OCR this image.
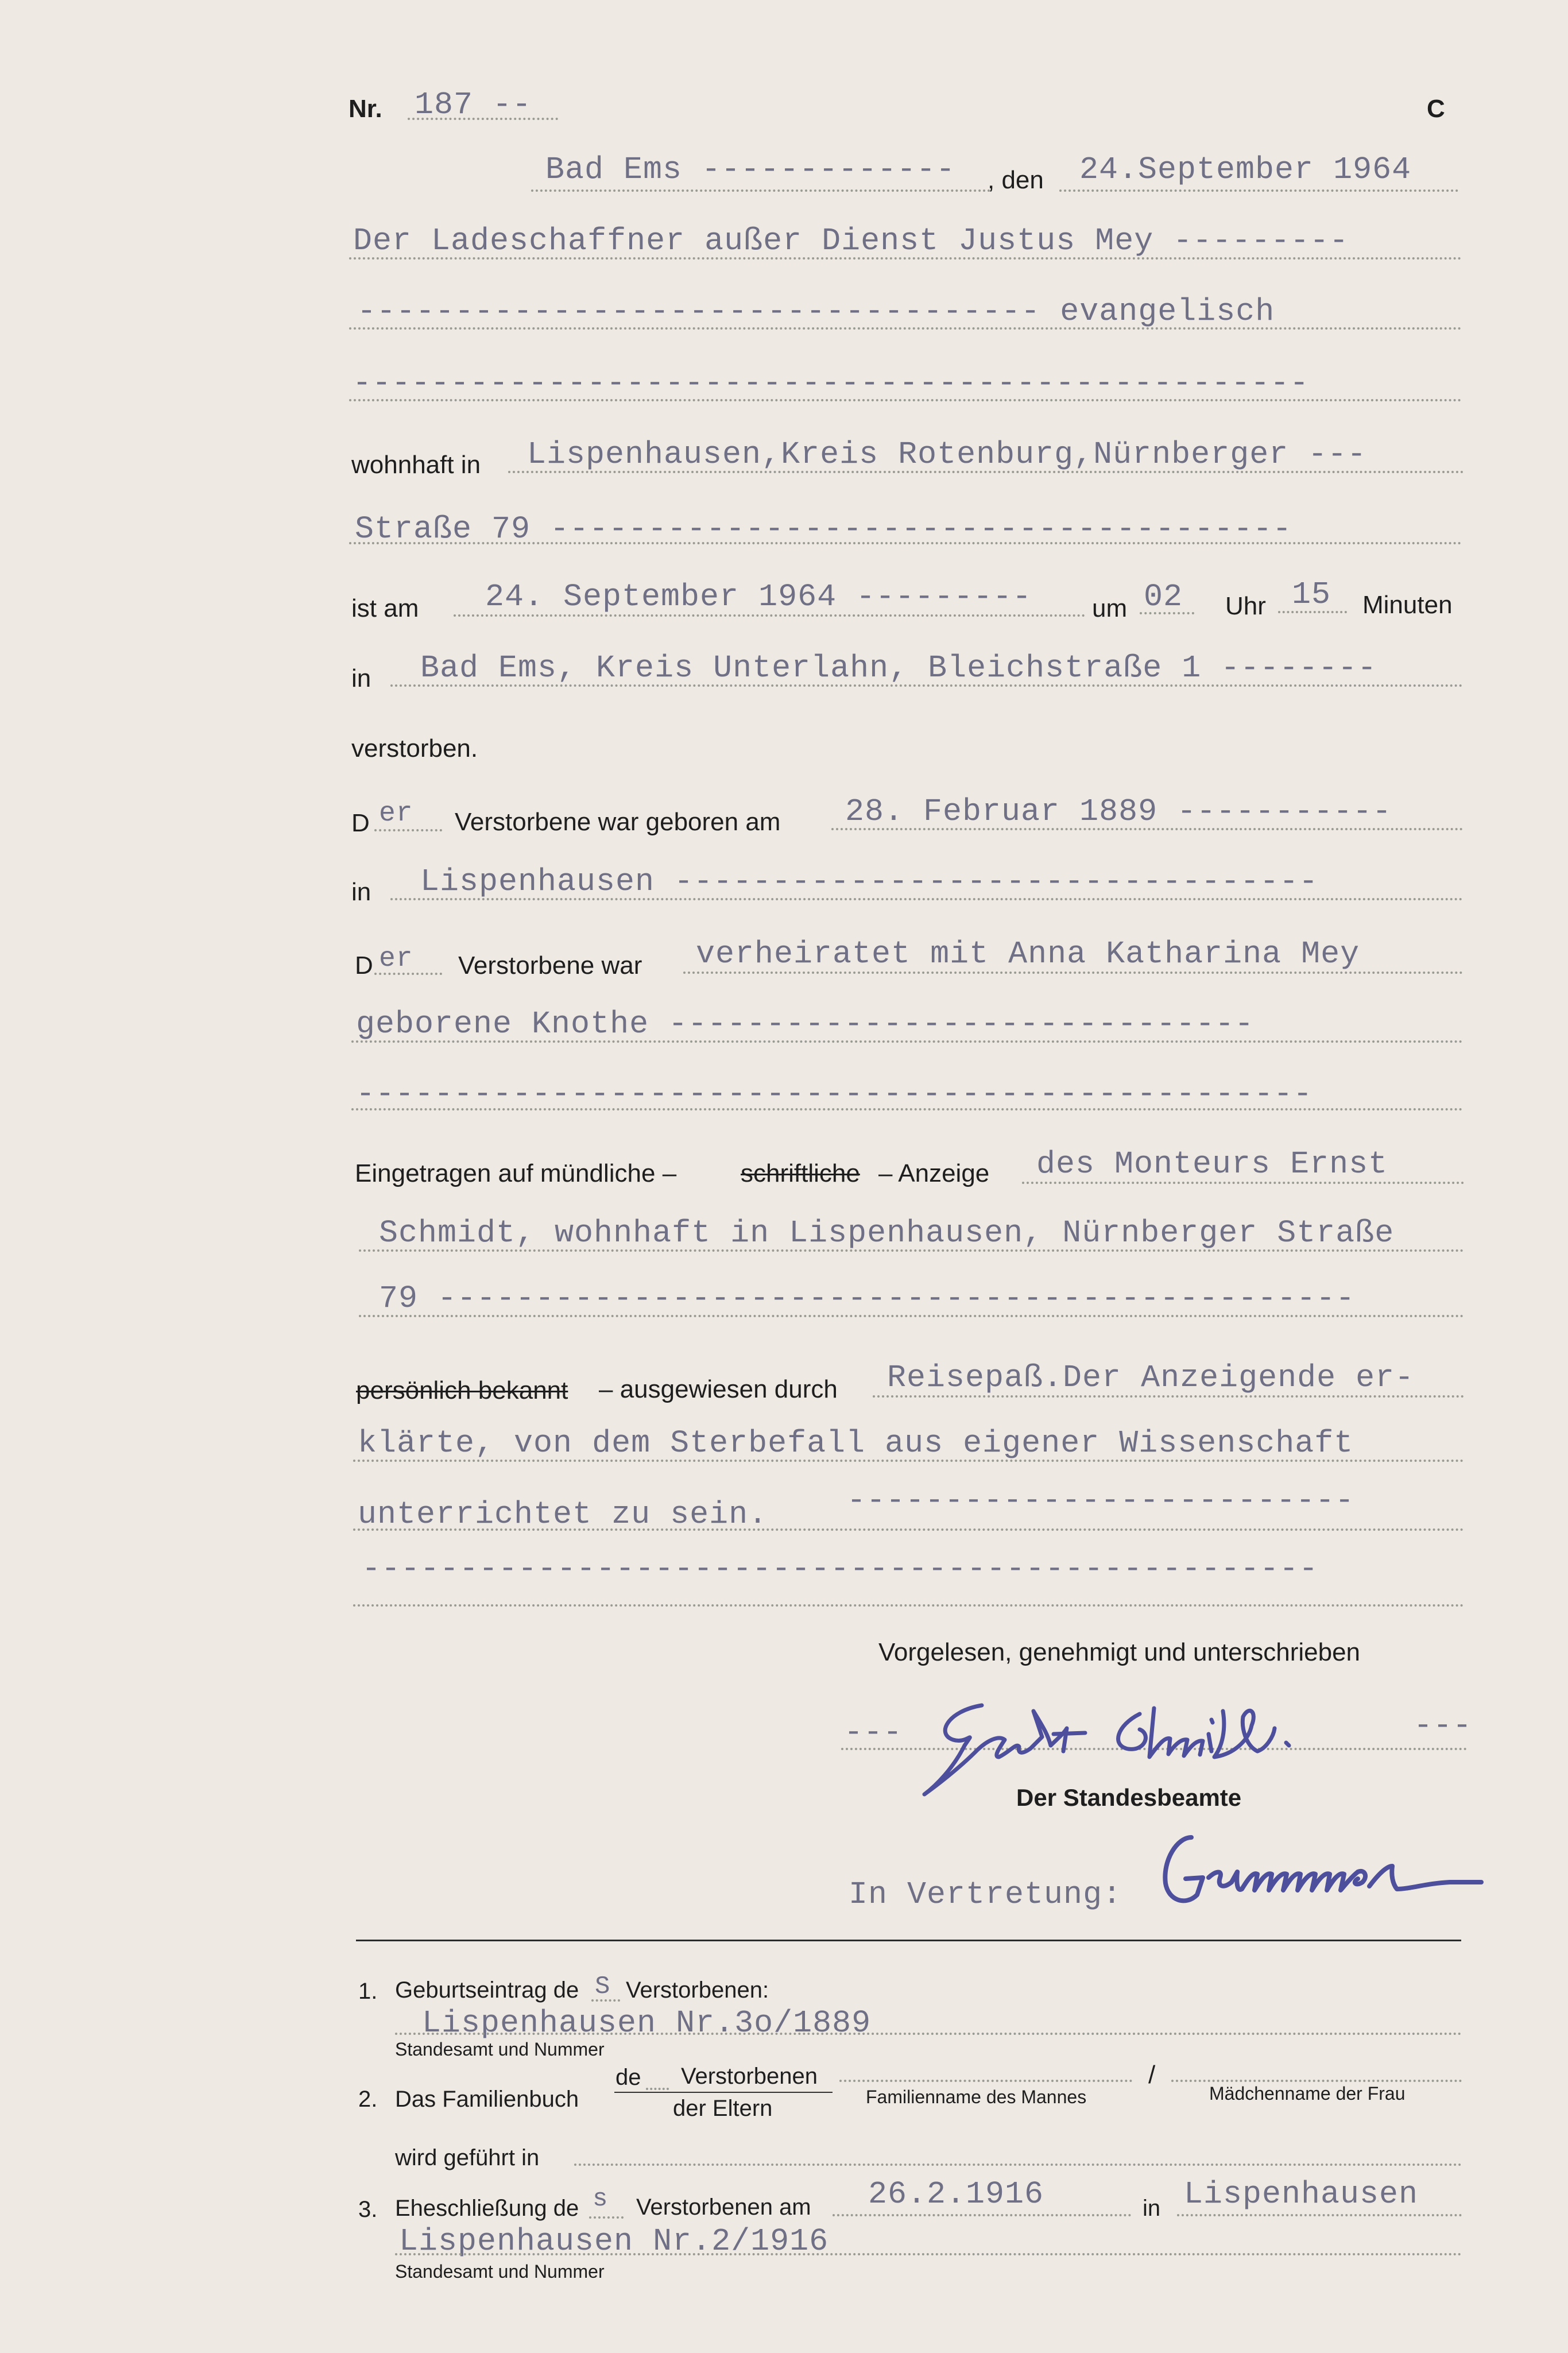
Nr. 187 --	C
Bad Ems ------------- , den 24.September 1964
Der Ladeschaffner außer Dienst Justus Mey ---------
----------------------------------- evangelisch
-------------------------------------------------
wohnhaft in Lispenhausen,Kreis Rotenburg,Nürnberger ---
Straße 79 --------------------------------------
ist am 24. September 1964 --------- um 02 Uhr 15 Minuten
in Bad Ems, Kreis Unterlahn, Bleichstraße 1 --------
verstorben.
D er Verstorbene war geboren am 28. Februar 1889 -----------
in Lispenhausen ---------------------------------
D er Verstorbene war verheiratet mit Anna Katharina Mey
geborene Knothe ------------------------------
-------------------------------------------------
Eingetragen auf mündliche –	schriftliche – Anzeige des Monteurs Ernst
Schmidt, wohnhaft in Lispenhausen, Nürnberger Straße
79 -----------------------------------------------
persönlich bekannt – ausgewiesen durch Reisepaß.Der Anzeigende er-
klärte, von dem Sterbefall aus eigener Wissenschaft
unterrichtet zu sein.	--------------------------
-------------------------------------------------
Vorgelesen, genehmigt und unterschrieben
---	---
Der Standesbeamte
In Vertretung:
1. Geburtseintrag de S Verstorbenen:
Lispenhausen Nr.3o/1889
Standesamt und Nummer
2. Das Familienbuch
de Verstorbenen
der Eltern
/
Familienname des Mannes	Mädchenname der Frau
wird geführt in
3. Eheschließung de s Verstorbenen am 26.2.1916	in Lispenhausen
Lispenhausen Nr.2/1916
Standesamt und Nummer
